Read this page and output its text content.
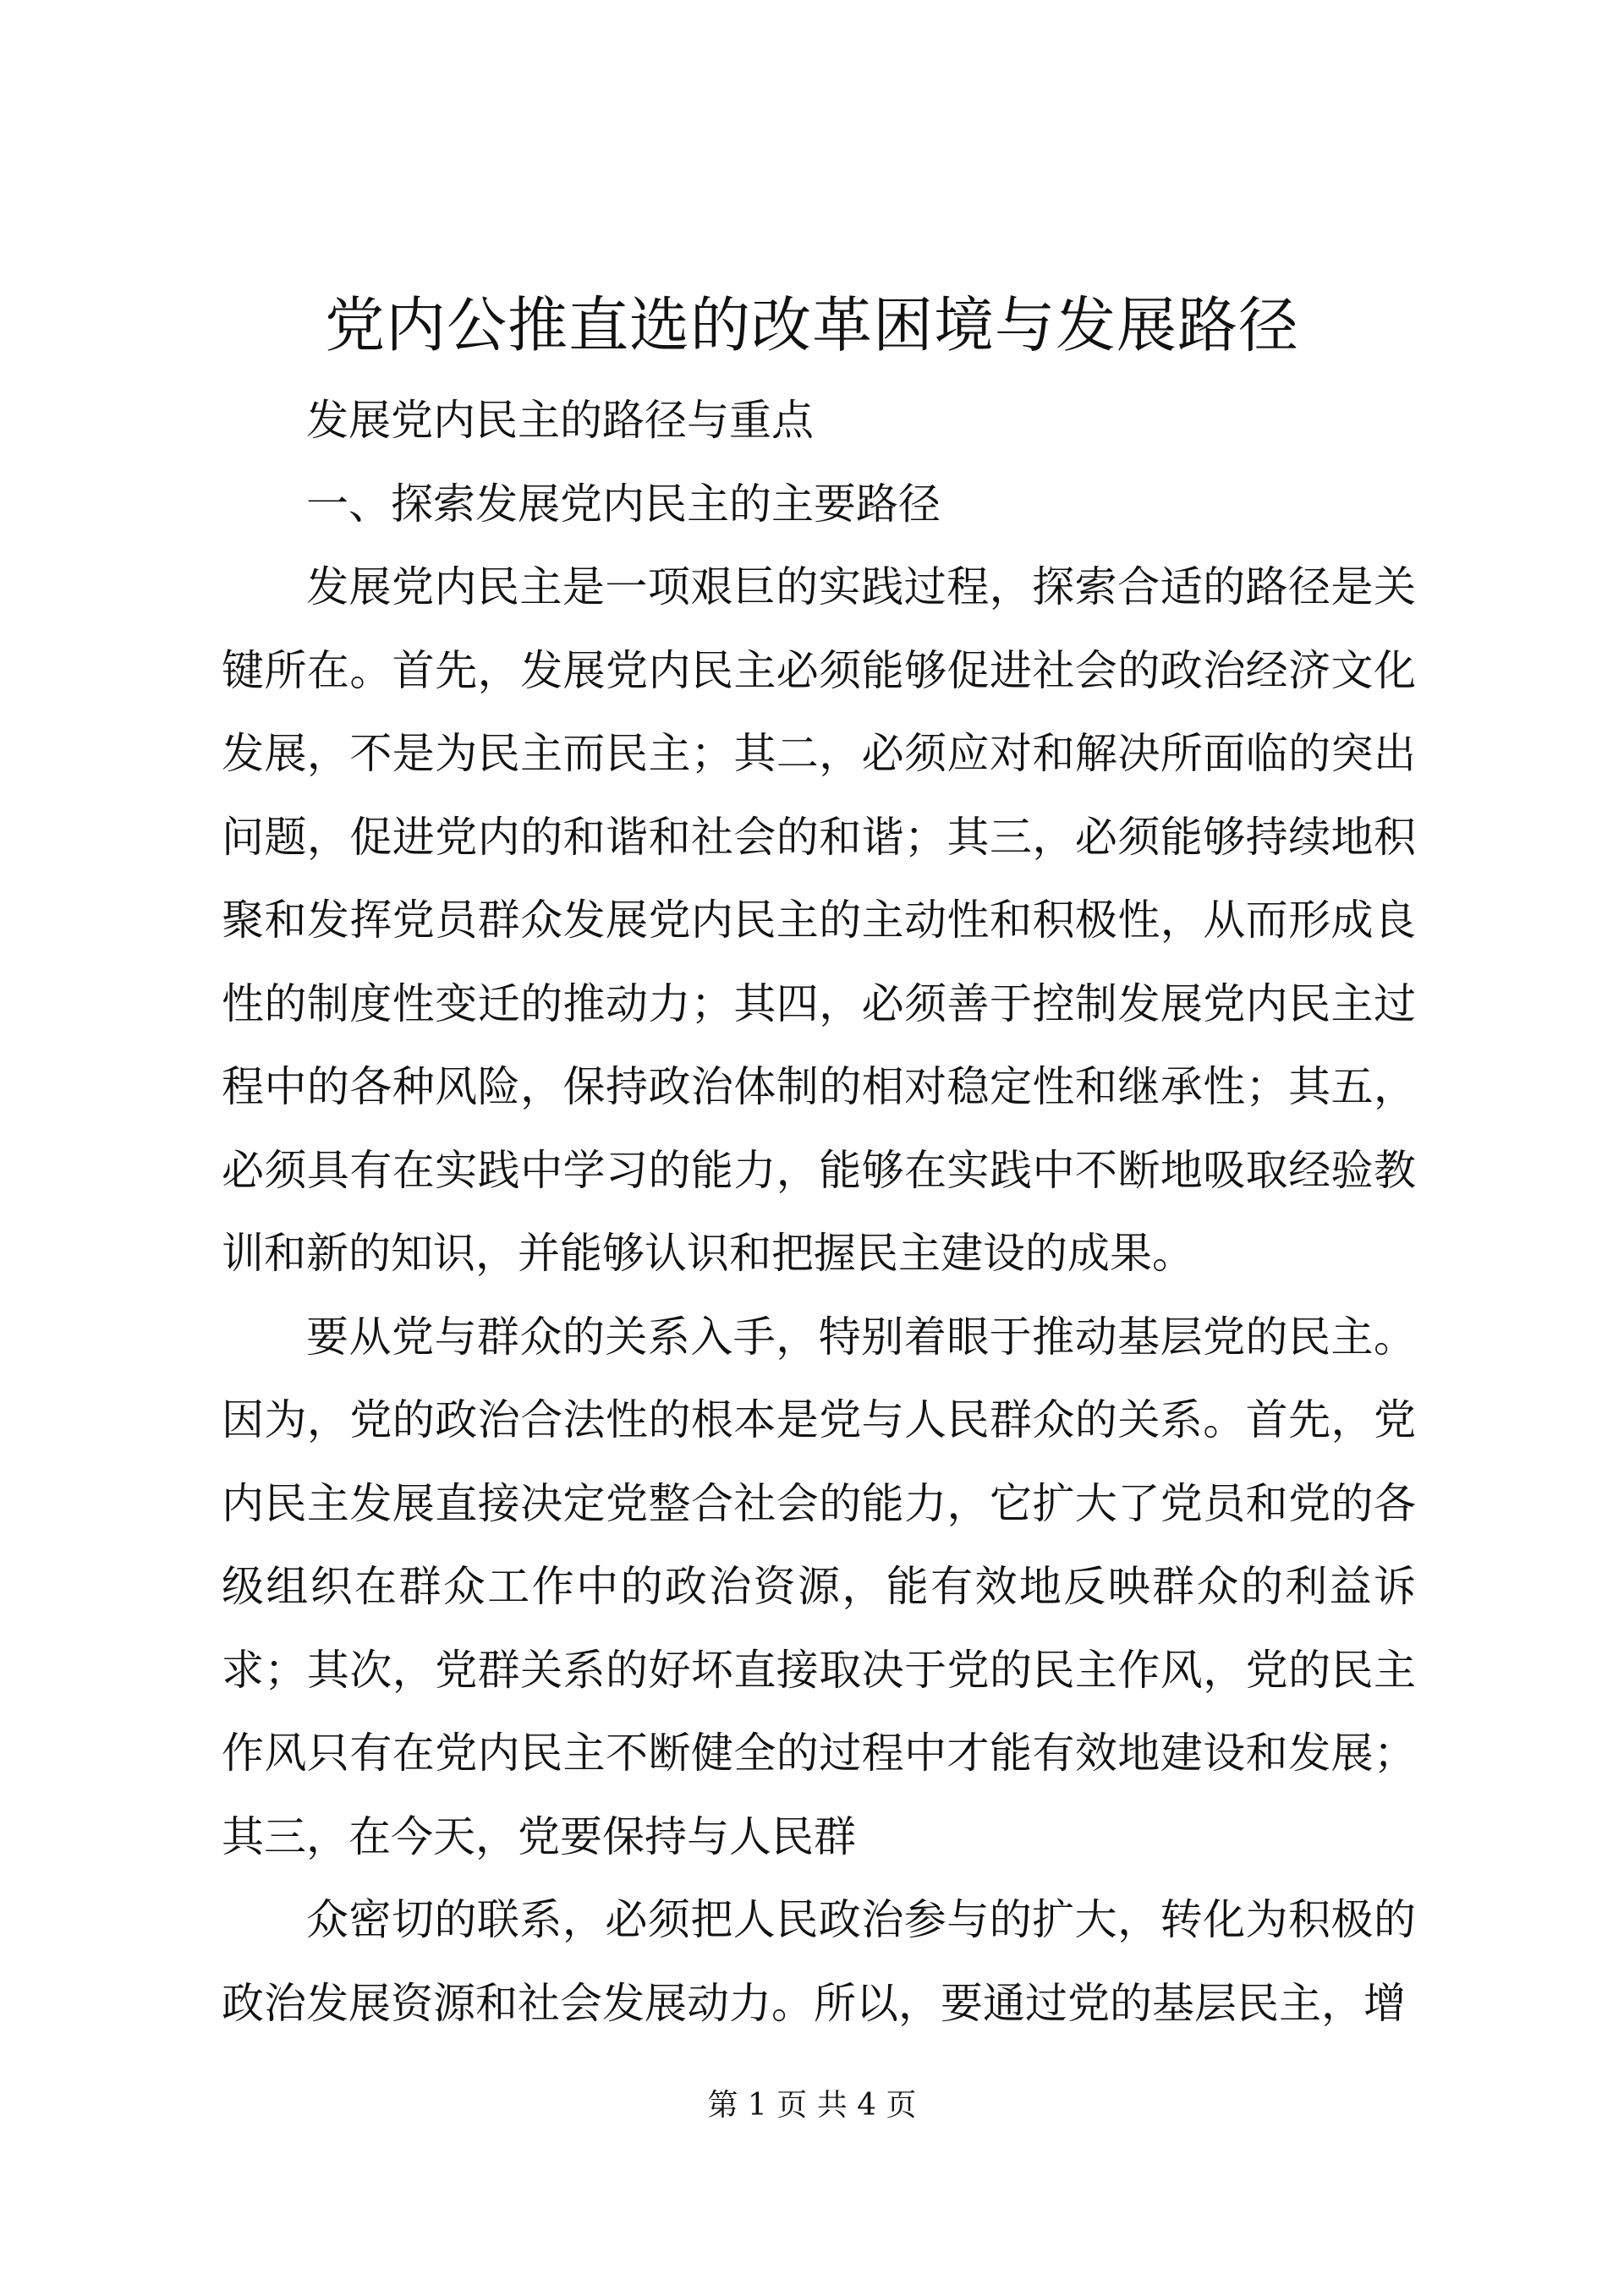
党内公推直选的改革困境与发展路径

发展党内民主的路径与重点

一、探索发展党内民主的主要路径

发展党内民主是一项艰巨的实践过程，探索合适的路径是关键所在。首先，发展党内民主必须能够促进社会的政治经济文化发展，不是为民主而民主；其二，必须应对和解决所面临的突出问题，促进党内的和谐和社会的和谐；其三，必须能够持续地积聚和发挥党员群众发展党内民主的主动性和积极性，从而形成良性的制度性变迁的推动力；其四，必须善于控制发展党内民主过程中的各种风险，保持政治体制的相对稳定性和继承性；其五，必须具有在实践中学习的能力，能够在实践中不断地吸取经验教训和新的知识，并能够认识和把握民主建设的成果。

要从党与群众的关系入手，特别着眼于推动基层党的民主。因为，党的政治合法性的根本是党与人民群众的关系。首先，党内民主发展直接决定党整合社会的能力，它扩大了党员和党的各级组织在群众工作中的政治资源，能有效地反映群众的利益诉求；其次，党群关系的好坏直接取决于党的民主作风，党的民主作风只有在党内民主不断健全的过程中才能有效地建设和发展；其三，在今天，党要保持与人民群

众密切的联系，必须把人民政治参与的扩大，转化为积极的政治发展资源和社会发展动力。所以，要通过党的基层民主，增

第 1 页 共 4 页
